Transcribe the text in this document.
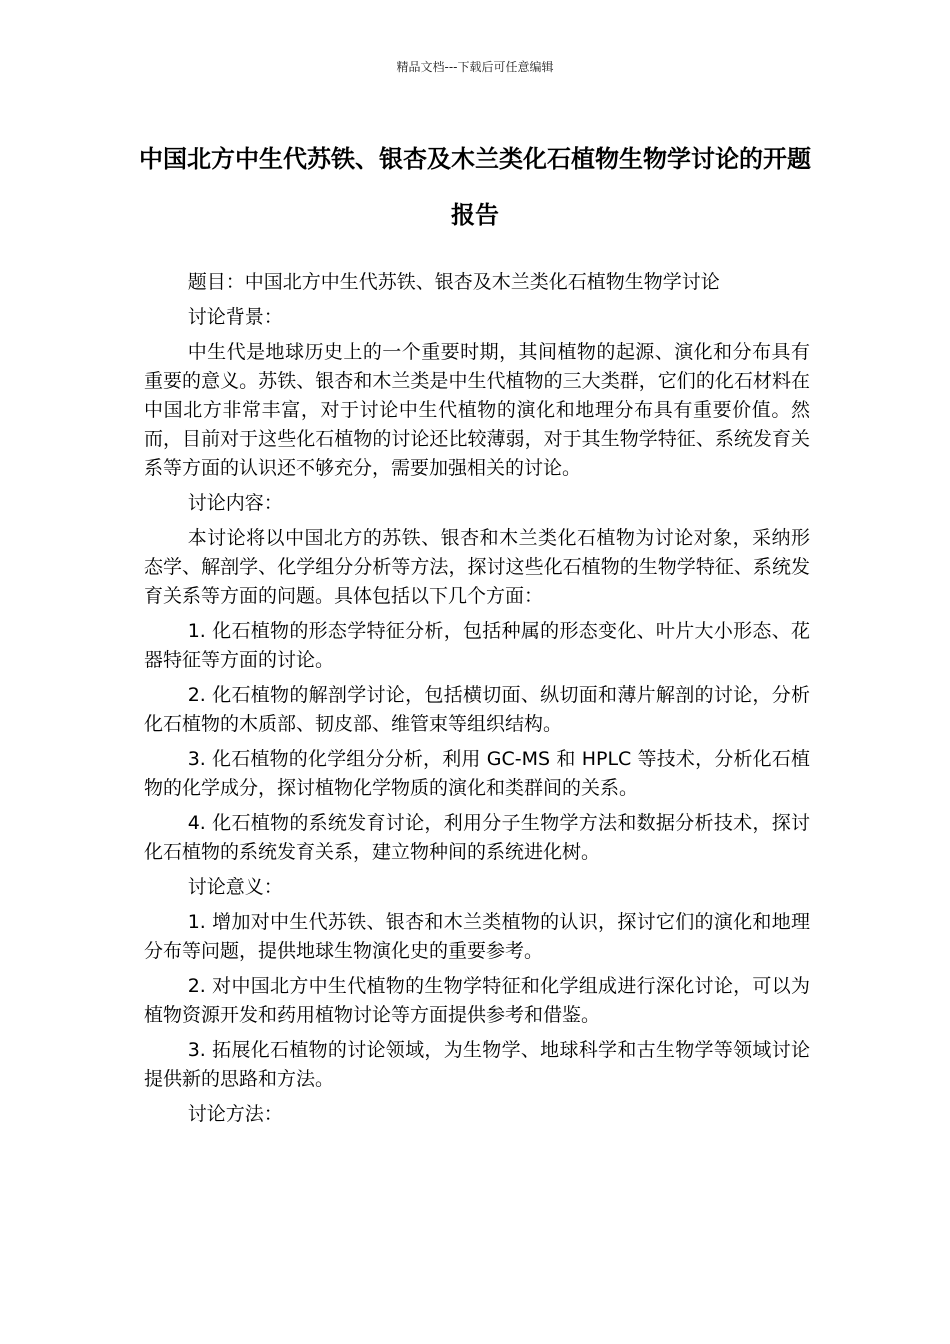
精品文档---下载后可任意编辑
中国北方中生代苏铁、银杏及木兰类化石植物生物学讨论的开题报告

题目：中国北方中生代苏铁、银杏及木兰类化石植物生物学讨论

讨论背景：

中生代是地球历史上的一个重要时期，其间植物的起源、演化和分布具有重要的意义。苏铁、银杏和木兰类是中生代植物的三大类群，它们的化石材料在中国北方非常丰富，对于讨论中生代植物的演化和地理分布具有重要价值。然而，目前对于这些化石植物的讨论还比较薄弱，对于其生物学特征、系统发育关系等方面的认识还不够充分，需要加强相关的讨论。

讨论内容：

本讨论将以中国北方的苏铁、银杏和木兰类化石植物为讨论对象，采纳形态学、解剖学、化学组分分析等方法，探讨这些化石植物的生物学特征、系统发育关系等方面的问题。具体包括以下几个方面：

1. 化石植物的形态学特征分析，包括种属的形态变化、叶片大小形态、花器特征等方面的讨论。

2. 化石植物的解剖学讨论，包括横切面、纵切面和薄片解剖的讨论，分析化石植物的木质部、韧皮部、维管束等组织结构。

3. 化石植物的化学组分分析，利用 GC-MS 和 HPLC 等技术，分析化石植物的化学成分，探讨植物化学物质的演化和类群间的关系。

4. 化石植物的系统发育讨论，利用分子生物学方法和数据分析技术，探讨化石植物的系统发育关系，建立物种间的系统进化树。

讨论意义：

1. 增加对中生代苏铁、银杏和木兰类植物的认识，探讨它们的演化和地理分布等问题，提供地球生物演化史的重要参考。

2. 对中国北方中生代植物的生物学特征和化学组成进行深化讨论，可以为植物资源开发和药用植物讨论等方面提供参考和借鉴。

3. 拓展化石植物的讨论领域，为生物学、地球科学和古生物学等领域讨论提供新的思路和方法。

讨论方法：
